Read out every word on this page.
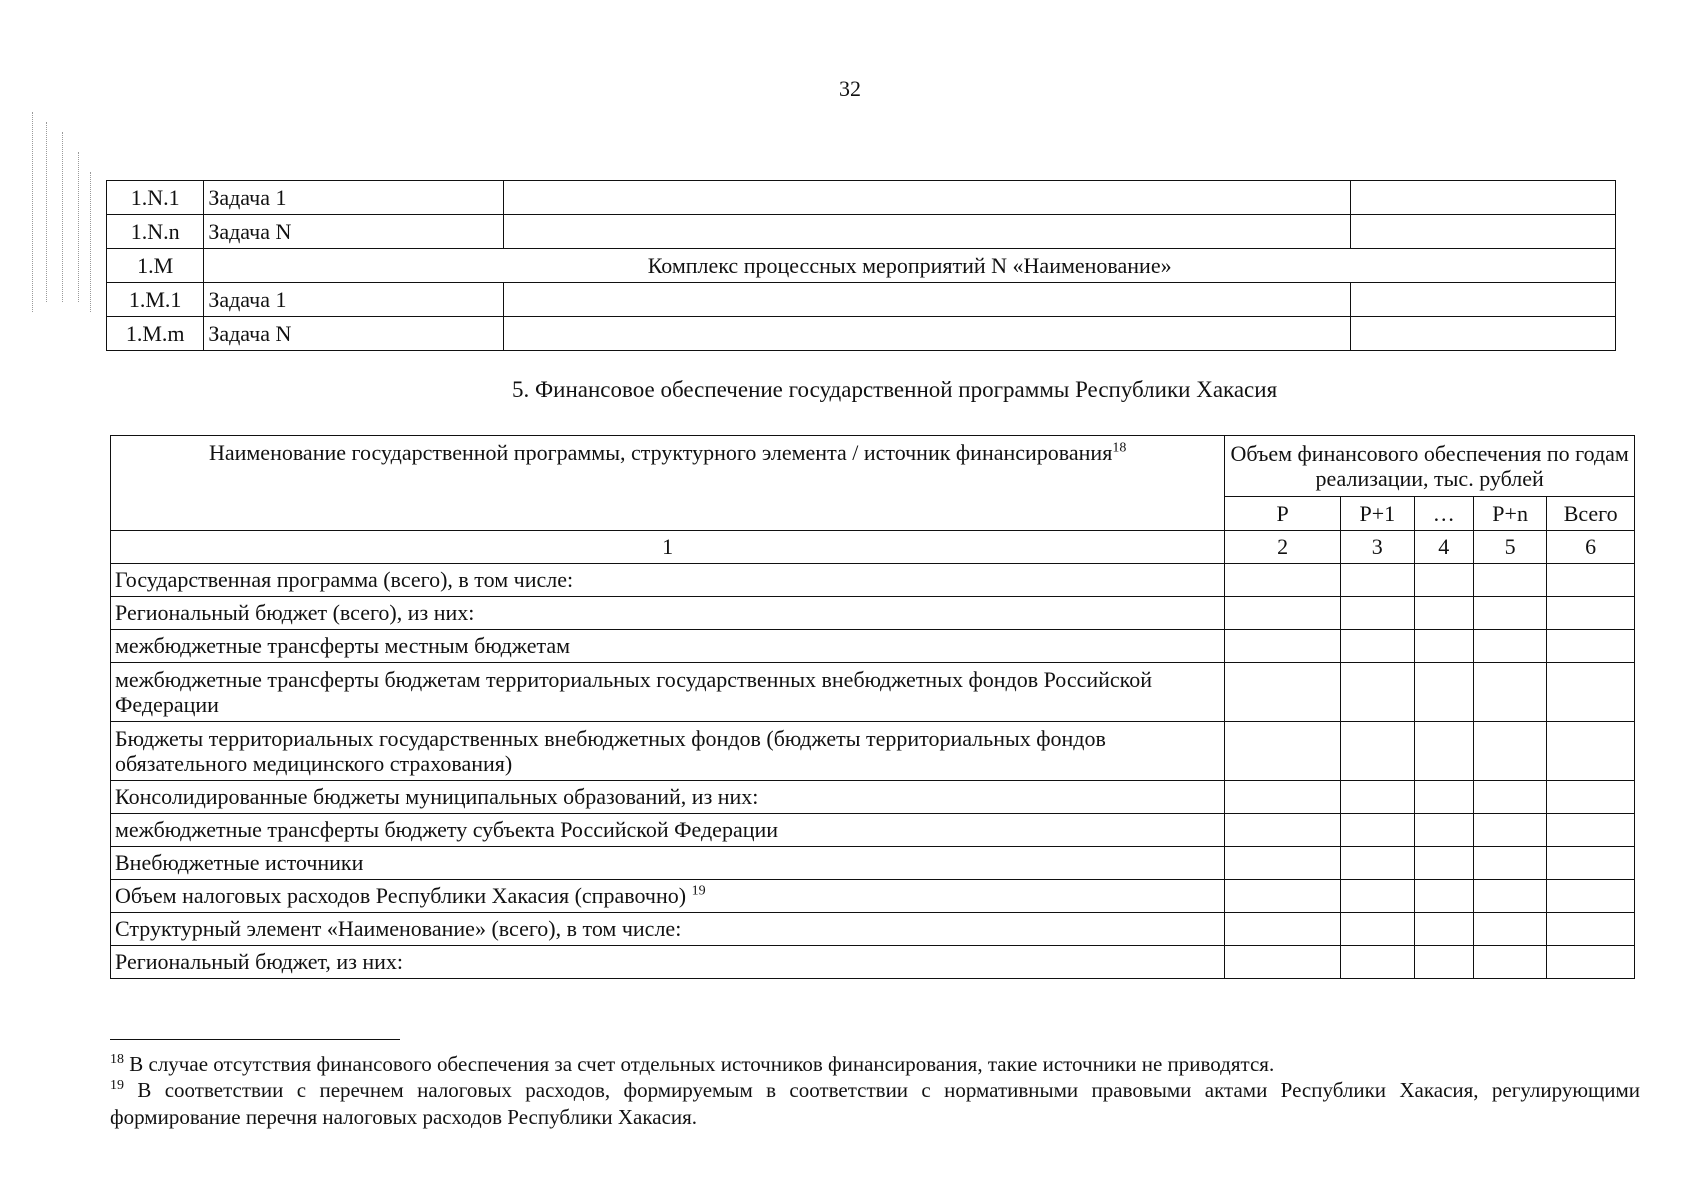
32
1.N.1	Задача 1		
1.N.n	Задача N		
1.M	Комплекс процессных мероприятий N «Наименование»		
1.M.1	Задача 1		
1.M.m	Задача N		
5. Финансовое обеспечение государственной программы Республики Хакасия
Наименование государственной программы, структурного элемента / источник финансирования$^{18}$	Объем финансового обеспечения по годам реализации, тыс. рублей				
	Р	Р+1	…	Р+n	Всего
1	2	3	4	5	6
Государственная программа (всего), в том числе:					
Региональный бюджет (всего), из них:					
межбюджетные трансферты местным бюджетам					
межбюджетные трансферты бюджетам территориальных государственных внебюджетных фондов Российской Федерации					
Бюджеты территориальных государственных внебюджетных фондов (бюджеты территориальных фондов обязательного медицинского страхования)					
Консолидированные бюджеты муниципальных образований, из них:					
межбюджетные трансферты бюджету субъекта Российской Федерации					
Внебюджетные источники					
Объем налоговых расходов Республики Хакасия (справочно) $^{19}$					
Структурный элемент «Наименование» (всего), в том числе:					
Региональный бюджет, из них:					

$^{18}$ В случае отсутствия финансового обеспечения за счет отдельных источников финансирования, такие источники не приводятся.

$^{19}$ В соответствии с перечнем налоговых расходов, формируемым в соответствии с нормативными правовыми актами Республики Хакасия, регулирующими формирование перечня налоговых расходов Республики Хакасия.
